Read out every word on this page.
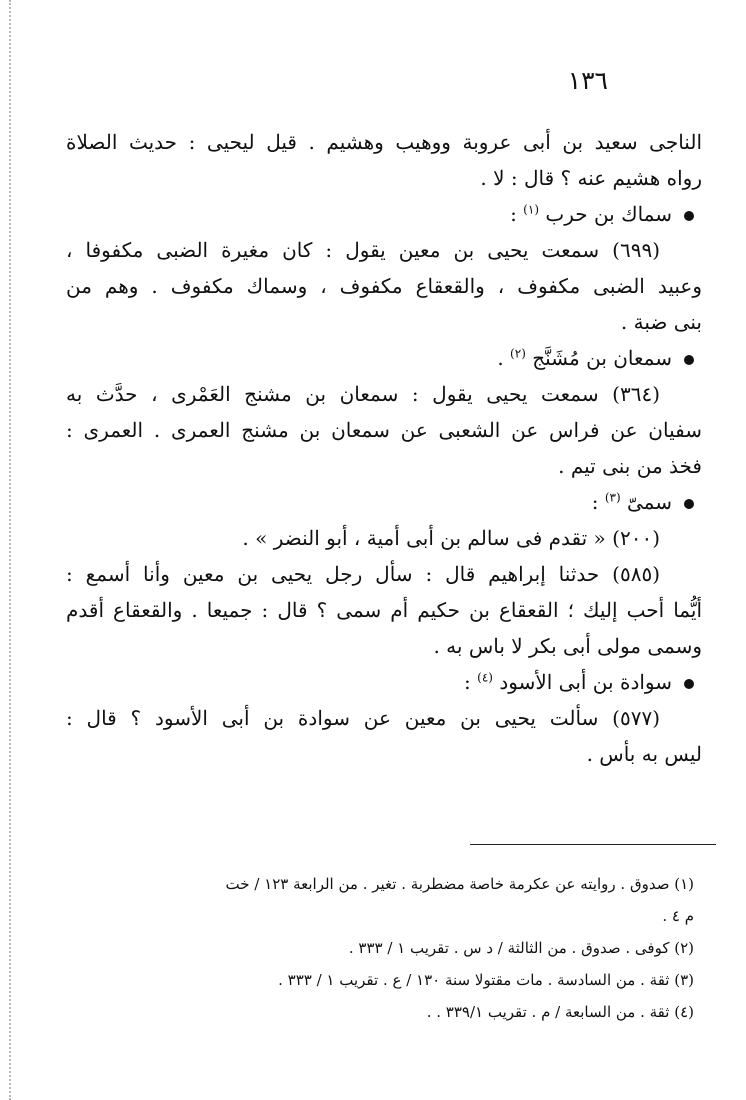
١٣٦
الناجى سعيد بن أبى عروبة ووهيب وهشيم . قيل ليحيى : حديث الصلاة
رواه هشيم عنه ؟ قال : لا .
سماك بن حرب $^{(١)}$ :
(٦٩٩) سمعت يحيى بن معين يقول : كان مغيرة الضبى مكفوفا ،
وعبيد الضبى مكفوف ، والقعقاع مكفوف ، وسماك مكفوف . وهم من
بنى ضبة .
سمعان بن مُشَنَّج $^{(٢)}$ .
(٣٦٤) سمعت يحيى يقول : سمعان بن مشنج العَمْرى ، حدَّث به
سفيان عن فراس عن الشعبى عن سمعان بن مشنج العمرى . العمرى :
فخذ من بنى تيم .
سمىّ $^{(٣)}$ :
(٢٠٠) « تقدم فى سالم بن أبى أمية ، أبو النضر » .
(٥٨٥) حدثنا إبراهيم قال : سأل رجل يحيى بن معين وأنا أسمع :
أيُّما أحب إليك ؛ القعقاع بن حكيم أم سمى ؟ قال : جميعا . والقعقاع أقدم
وسمى مولى أبى بكر لا باس به .
سوادة بن أبى الأسود $^{(٤)}$ :
(٥٧٧) سألت يحيى بن معين عن سوادة بن أبى الأسود ؟ قال :
ليس به بأس .
(١) صدوق . روايته عن عكرمة خاصة مضطربة . تغير . من الرابعة ١٢٣ / خت
م ٤ .
(٢) كوفى . صدوق . من الثالثة / د س . تقريب ١ / ٣٣٣ .
(٣) ثقة . من السادسة . مات مقتولا سنة ١٣٠ / ع . تقريب ١ / ٣٣٣ .
(٤) ثقة . من السابعة / م . تقريب ٣٣٩/١ . .
